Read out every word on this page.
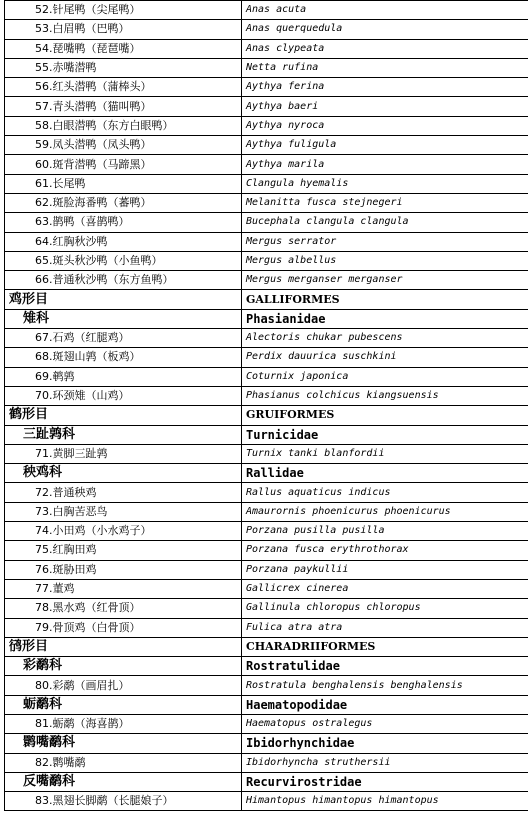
52.针尾鸭（尖尾鸭）	Anas acuta
53.白眉鸭（巴鸭）	Anas querquedula
54.琵嘴鸭（琵琶嘴）	Anas clypeata
55.赤嘴潜鸭	Netta rufina
56.红头潜鸭（蒲棒头）	Aythya ferina
57.青头潜鸭（猫叫鸭）	Aythya baeri
58.白眼潜鸭（东方白眼鸭）	Aythya nyroca
59.凤头潜鸭（凤头鸭）	Aythya fuligula
60.斑背潜鸭（马蹄黑）	Aythya marila
61.长尾鸭	Clangula hyemalis
62.斑脸海番鸭（蕃鸭）	Melanitta fusca stejnegeri
63.鹊鸭（喜鹊鸭）	Bucephala clangula clangula
64.红胸秋沙鸭	Mergus serrator
65.斑头秋沙鸭（小鱼鸭）	Mergus albellus
66.普通秋沙鸭（东方鱼鸭）	Mergus merganser merganser
鸡形目	GALLIFORMES
雉科	Phasianidae
67.石鸡（红腿鸡）	Alectoris chukar pubescens
68.斑翅山鹑（板鸡）	Perdix dauurica suschkini
69.鹌鹑	Coturnix japonica
70.环颈雉（山鸡）	Phasianus colchicus kiangsuensis
鹤形目	GRUIFORMES
三趾鹑科	Turnicidae
71.黄脚三趾鹑	Turnix tanki blanfordii
秧鸡科	Rallidae
72.普通秧鸡	Rallus aquaticus indicus
73.白胸苦恶鸟	Amaurornis phoenicurus phoenicurus
74.小田鸡（小水鸡子）	Porzana pusilla pusilla
75.红胸田鸡	Porzana fusca erythrothorax
76.斑胁田鸡	Porzana paykullii
77.董鸡	Gallicrex cinerea
78.黑水鸡（红骨顶）	Gallinula chloropus chloropus
79.骨顶鸡（白骨顶）	Fulica atra atra
鸻形目	CHARADRIIFORMES
彩鹬科	Rostratulidae
80.彩鹬（画眉扎）	Rostratula benghalensis benghalensis
蛎鹬科	Haematopodidae
81.蛎鹬（海喜鹊）	Haematopus ostralegus
鹮嘴鹬科	Ibidorhynchidae
82.鹮嘴鹬	Ibidorhyncha struthersii
反嘴鹬科	Recurvirostridae
83.黑翅长脚鹬（长腿娘子）	Himantopus himantopus himantopus
